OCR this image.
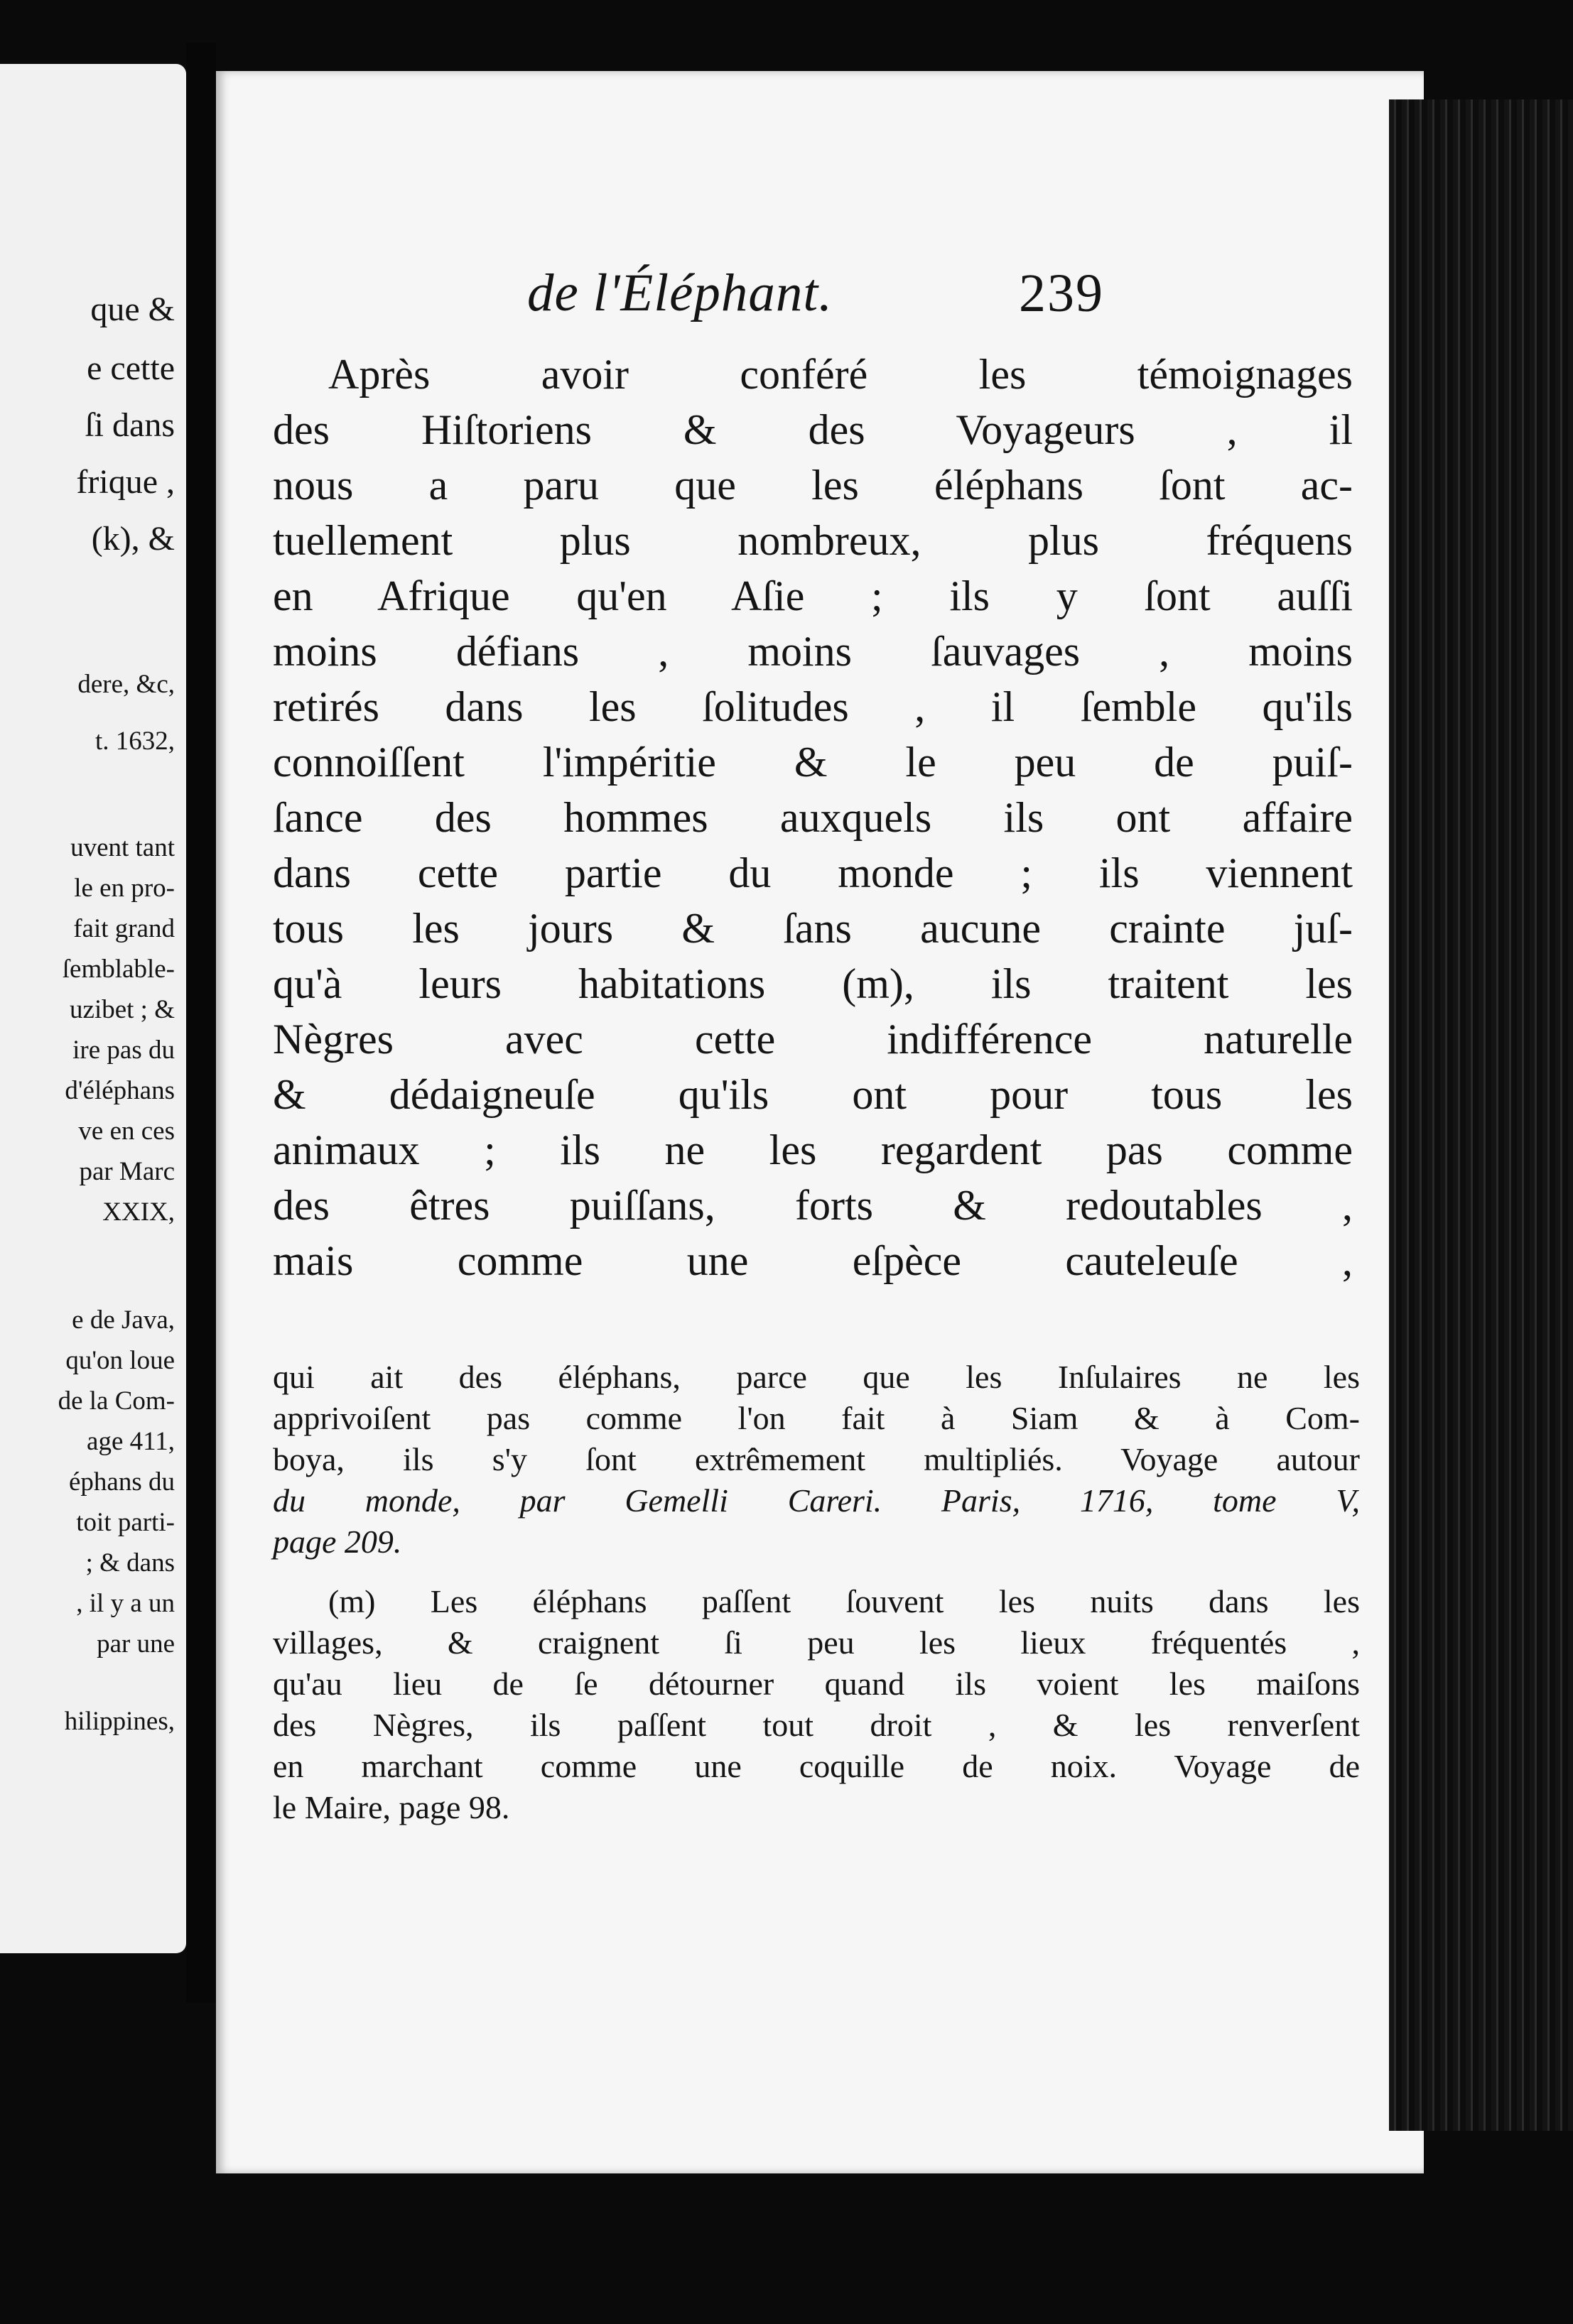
que &
e cette
ſi dans
frique ,
(k), &
dere, &c,
t. 1632,
uvent tant
le en pro-
fait grand
ſemblable-
uzibet ; &
ire pas du
d'éléphans
ve en ces
par Marc
XXIX,
e de Java,
qu'on loue
de la Com-
age 411,
éphans du
toit parti-
; & dans
, il y a un
par une
hilippines,
de l'Éléphant.	239
Après avoir conféré les témoignages
des Hiſtoriens & des Voyageurs , il
nous a paru que les éléphans ſont ac-
tuellement plus nombreux, plus fréquens
en Afrique qu'en Aſie ; ils y ſont auſſi
moins défians , moins ſauvages , moins
retirés dans les ſolitudes , il ſemble qu'ils
connoiſſent l'impéritie & le peu de puiſ-
ſance des hommes auxquels ils ont affaire
dans cette partie du monde ; ils viennent
tous les jours & ſans aucune crainte juſ-
qu'à leurs habitations (m), ils traitent les
Nègres avec cette indifférence naturelle
& dédaigneuſe qu'ils ont pour tous les
animaux ; ils ne les regardent pas comme
des êtres puiſſans, forts & redoutables ,
mais comme une eſpèce cauteleuſe ,
qui ait des éléphans, parce que les Inſulaires ne les
apprivoiſent pas comme l'on fait à Siam & à Com-
boya, ils s'y ſont extrêmement multipliés. Voyage autour
du monde, par Gemelli Careri. Paris, 1716, tome V,
page 209.
(m) Les éléphans paſſent ſouvent les nuits dans les
villages, & craignent ſi peu les lieux fréquentés ,
qu'au lieu de ſe détourner quand ils voient les maiſons
des Nègres, ils paſſent tout droit , & les renverſent
en marchant comme une coquille de noix. Voyage de
le Maire, page 98.
